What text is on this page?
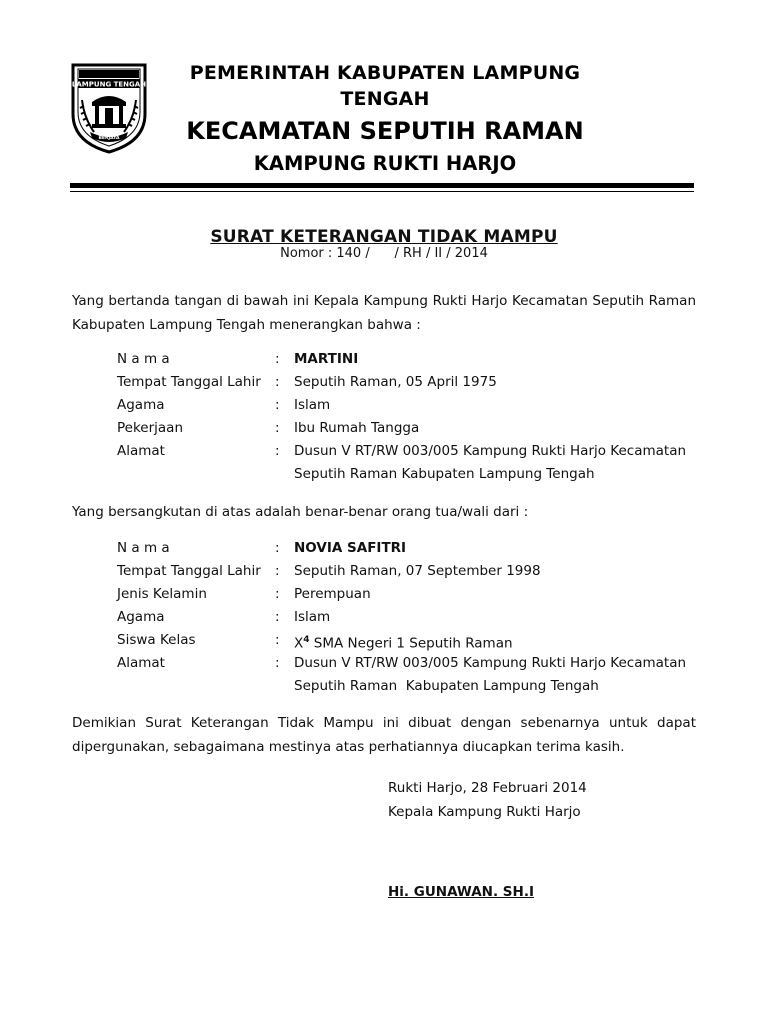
LAMPUNG TENGAH
BERJAYA
PEMERINTAH KABUPATEN LAMPUNG TENGAH
KECAMATAN SEPUTIH RAMAN
KAMPUNG RUKTI HARJO
SURAT KETERANGAN TIDAK MAMPU
Nomor : 140 /      / RH / II / 2014
Yang bertanda tangan di bawah ini Kepala Kampung Rukti Harjo Kecamatan Seputih Raman Kabupaten Lampung Tengah menerangkan bahwa :
N a m a	:	MARTINI
Tempat Tanggal Lahir	:	Seputih Raman, 05 April 1975
Agama	:	Islam
Pekerjaan	:	Ibu Rumah Tangga
Alamat	:	Dusun V RT/RW 003/005 Kampung Rukti Harjo Kecamatan
Seputih Raman Kabupaten Lampung Tengah
Yang bersangkutan di atas adalah benar-benar orang tua/wali dari :
N a m a	:	NOVIA SAFITRI
Tempat Tanggal Lahir	:	Seputih Raman, 07 September 1998
Jenis Kelamin	:	Perempuan
Agama	:	Islam
Siswa Kelas	:	$X^4$ SMA Negeri 1 Seputih Raman
Alamat	:	Dusun V RT/RW 003/005 Kampung Rukti Harjo Kecamatan
Seputih Raman  Kabupaten Lampung Tengah
Demikian Surat Keterangan Tidak Mampu ini dibuat dengan sebenarnya untuk dapat dipergunakan, sebagaimana mestinya atas perhatiannya diucapkan terima kasih.
Rukti Harjo, 28 Februari 2014
Kepala Kampung Rukti Harjo
Hi. GUNAWAN. SH.I
